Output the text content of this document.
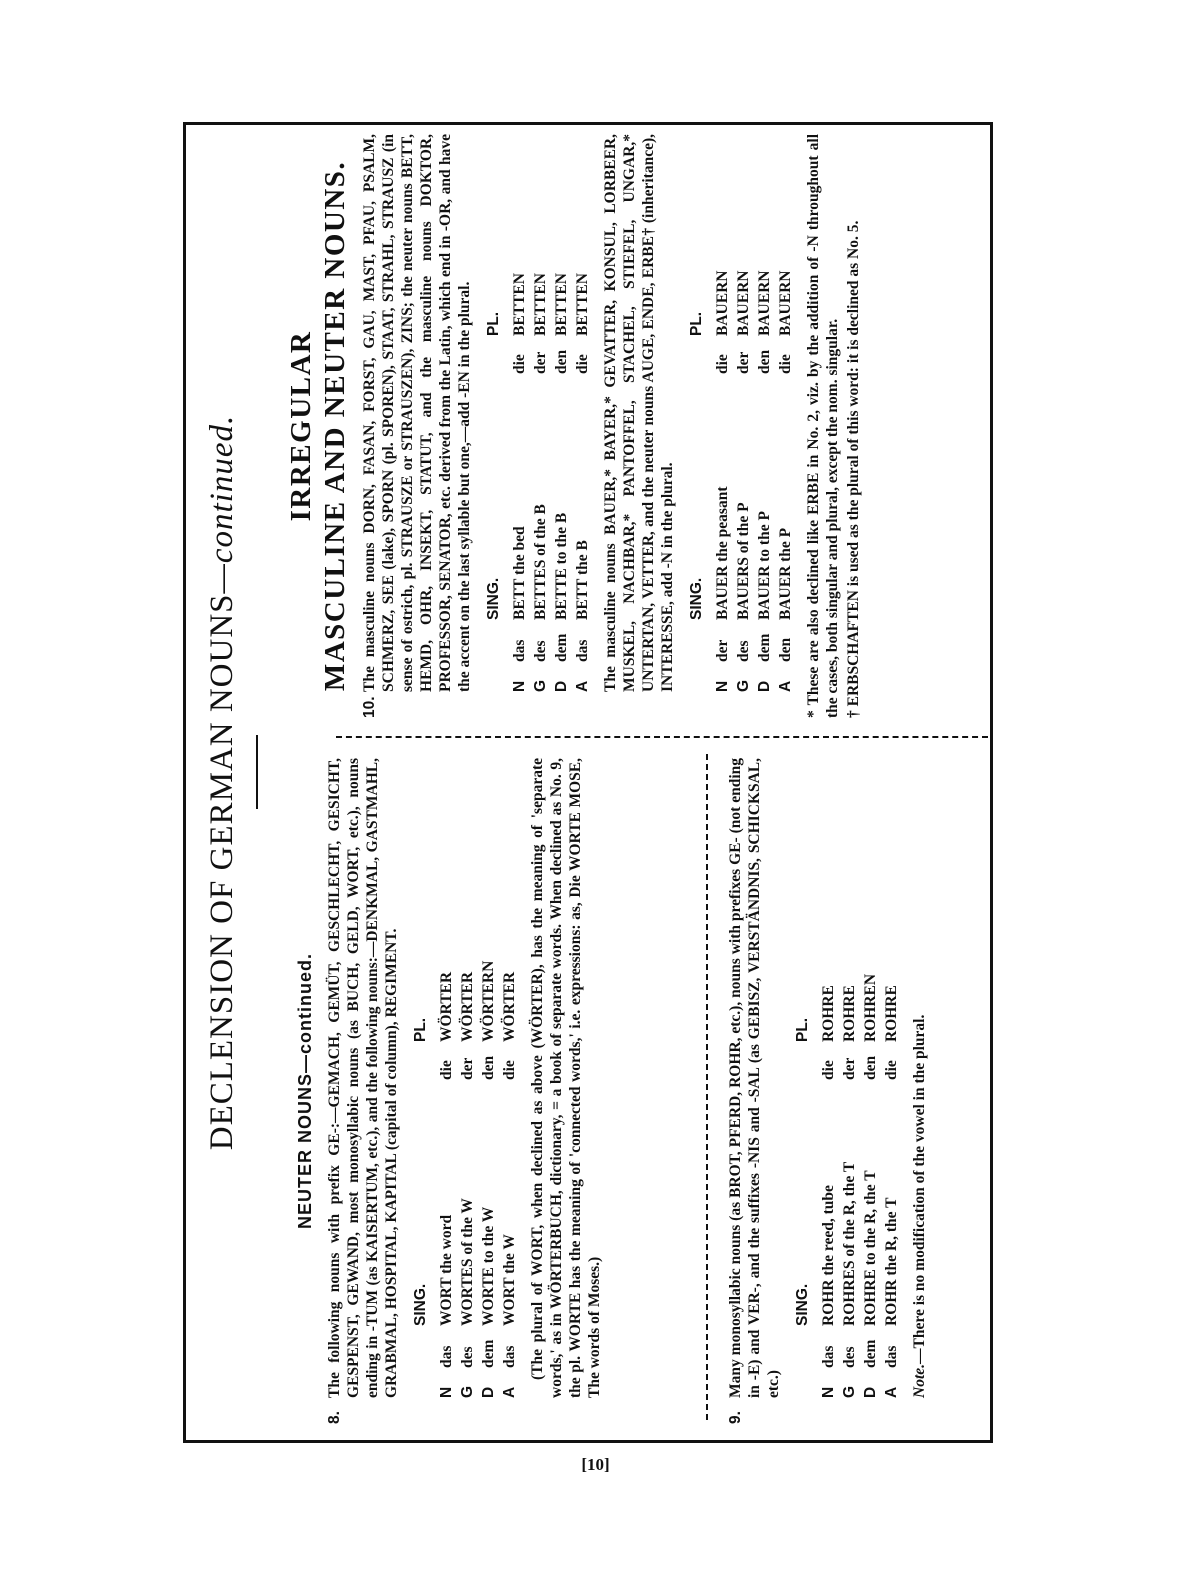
DECLENSION OF GERMAN NOUNS—continued.
NEUTER NOUNS—continued.
8.
The following nouns with prefix GE-:—GEMACH, GEMÜT, GESCHLECHT, GESICHT, GESPENST, GEWAND, most monosyllabic nouns (as BUCH, GELD, WORT, etc.), nouns ending in -TUM (as KAISERTUM, etc.), and the following nouns:—DENKMAL, GASTMAHL, GRABMAL, HOSPITAL, KAPITAL (capital of column), REGIMENT. SING.
PL.
N
das
WORT the word
die
WÖRTER
G
des
WORTES of the W
der
WÖRTER
D
dem
WORTE to the W
den
WÖRTERN
A
das
WORT the W
die
WÖRTER (The plural of WORT, when declined as above (WÖRTER), has the meaning of 'separate words,' as in WÖRTERBUCH, dictionary, = a book of separate words. When declined as No. 9, the pl. WORTE has the meaning of 'connected words,' i.e. expressions: as, Die WORTE MOSE, The words of Moses.)
9.
Many monosyllabic nouns (as BROT, PFERD, ROHR, etc.), nouns with prefixes GE- (not ending in -E) and VER-, and the suffixes -NIS and -SAL (as GEBISZ, VERSTÄNDNIS, SCHICKSAL, etc.)
SING.
PL.
N
das
ROHR the reed, tube
die
ROHRE
G
des
ROHRES of the R, the T
der
ROHRE
D
dem
ROHRE to the R, the T
den
ROHREN
A
das
ROHR the R, the T
die
ROHRE
Note.—There is no modification of the vowel in the plural.
IRREGULAR MASCULINE AND NEUTER NOUNS.
10.
The masculine nouns DORN, FASAN, FORST, GAU, MAST, PFAU, PSALM, SCHMERZ, SEE (lake), SPORN (pl. SPOREN), STAAT, STRAHL, STRAUSZ (in sense of ostrich, pl. STRAUSZE or STRAUSZEN), ZINS; the neuter nouns BETT, HEMD, OHR, INSEKT, STATUT, and the masculine nouns DOKTOR, PROFESSOR, SENATOR, etc. derived from the Latin, which end in -OR, and have the accent on the last syllable but one,—add -EN in the plural. SING.
PL.
N
das
BETT the bed
die
BETTEN
G
des
BETTES of the B
der
BETTEN
D
dem
BETTE to the B
den
BETTEN
A
das
BETT the B
die
BETTEN The masculine nouns BAUER,* BAYER,* GEVATTER, KONSUL, LORBEER, MUSKEL, NACHBAR,* PANTOFFEL, STACHEL, STIEFEL, UNGAR,* UNTERTAN, VETTER, and the neuter nouns AUGE, ENDE, ERBE† (inheritance), INTERESSE, add -N in the plural. SING.
PL.
N
der
BAUER the peasant
die
BAUERN
G
des
BAUERS of the P
der
BAUERN
D
dem
BAUER to the P
den
BAUERN
A
den
BAUER the P
die
BAUERN * These are also declined like ERBE in No. 2, viz. by the addition of -N throughout all the cases, both singular and plural, except the nom. singular. † ERBSCHAFTEN is used as the plural of this word: it is declined as No. 5.
[10]
